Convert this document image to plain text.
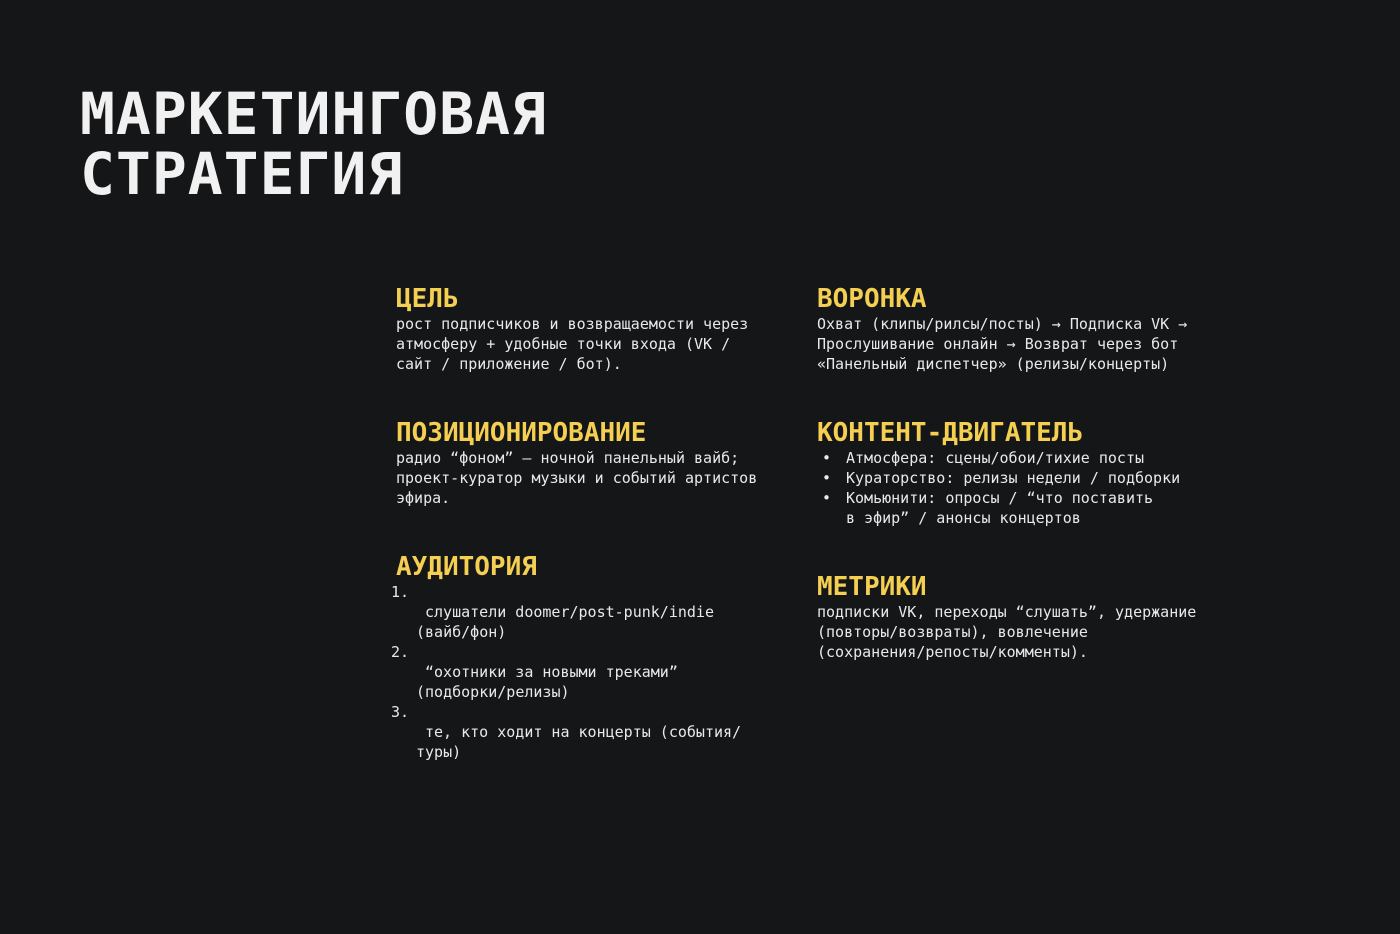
МАРКЕТИНГОВАЯ
СТРАТЕГИЯ
ЦЕЛЬ

рост подписчиков и возвращаемости через
атмосферу + удобные точки входа (VK /
сайт / приложение / бот).

ВОРОНКА

Охват (клипы/рилсы/посты) → Подписка VK →
Прослушивание онлайн → Возврат через бот
«Панельный диспетчер» (релизы/концерты)

ПОЗИЦИОНИРОВАНИЕ

радио “фоном” — ночной панельный вайб;
проект-куратор музыки и событий артистов
эфира.

КОНТЕНТ-ДВИГАТЕЛЬ
• Атмосфера: сцены/обои/тихие посты
• Кураторство: релизы недели / подборки
• Комьюнити: опросы / “что поставить
в эфир” / анонсы концертов
АУДИТОРИЯ

1.
слушатели doomer/post-punk/indie
(вайб/фон)

2.
“охотники за новыми треками”
(подборки/релизы)

3.
те, кто ходит на концерты (события/
туры)

МЕТРИКИ

подписки VK, переходы “слушать”, удержание
(повторы/возвраты), вовлечение
(сохранения/репосты/комменты).
